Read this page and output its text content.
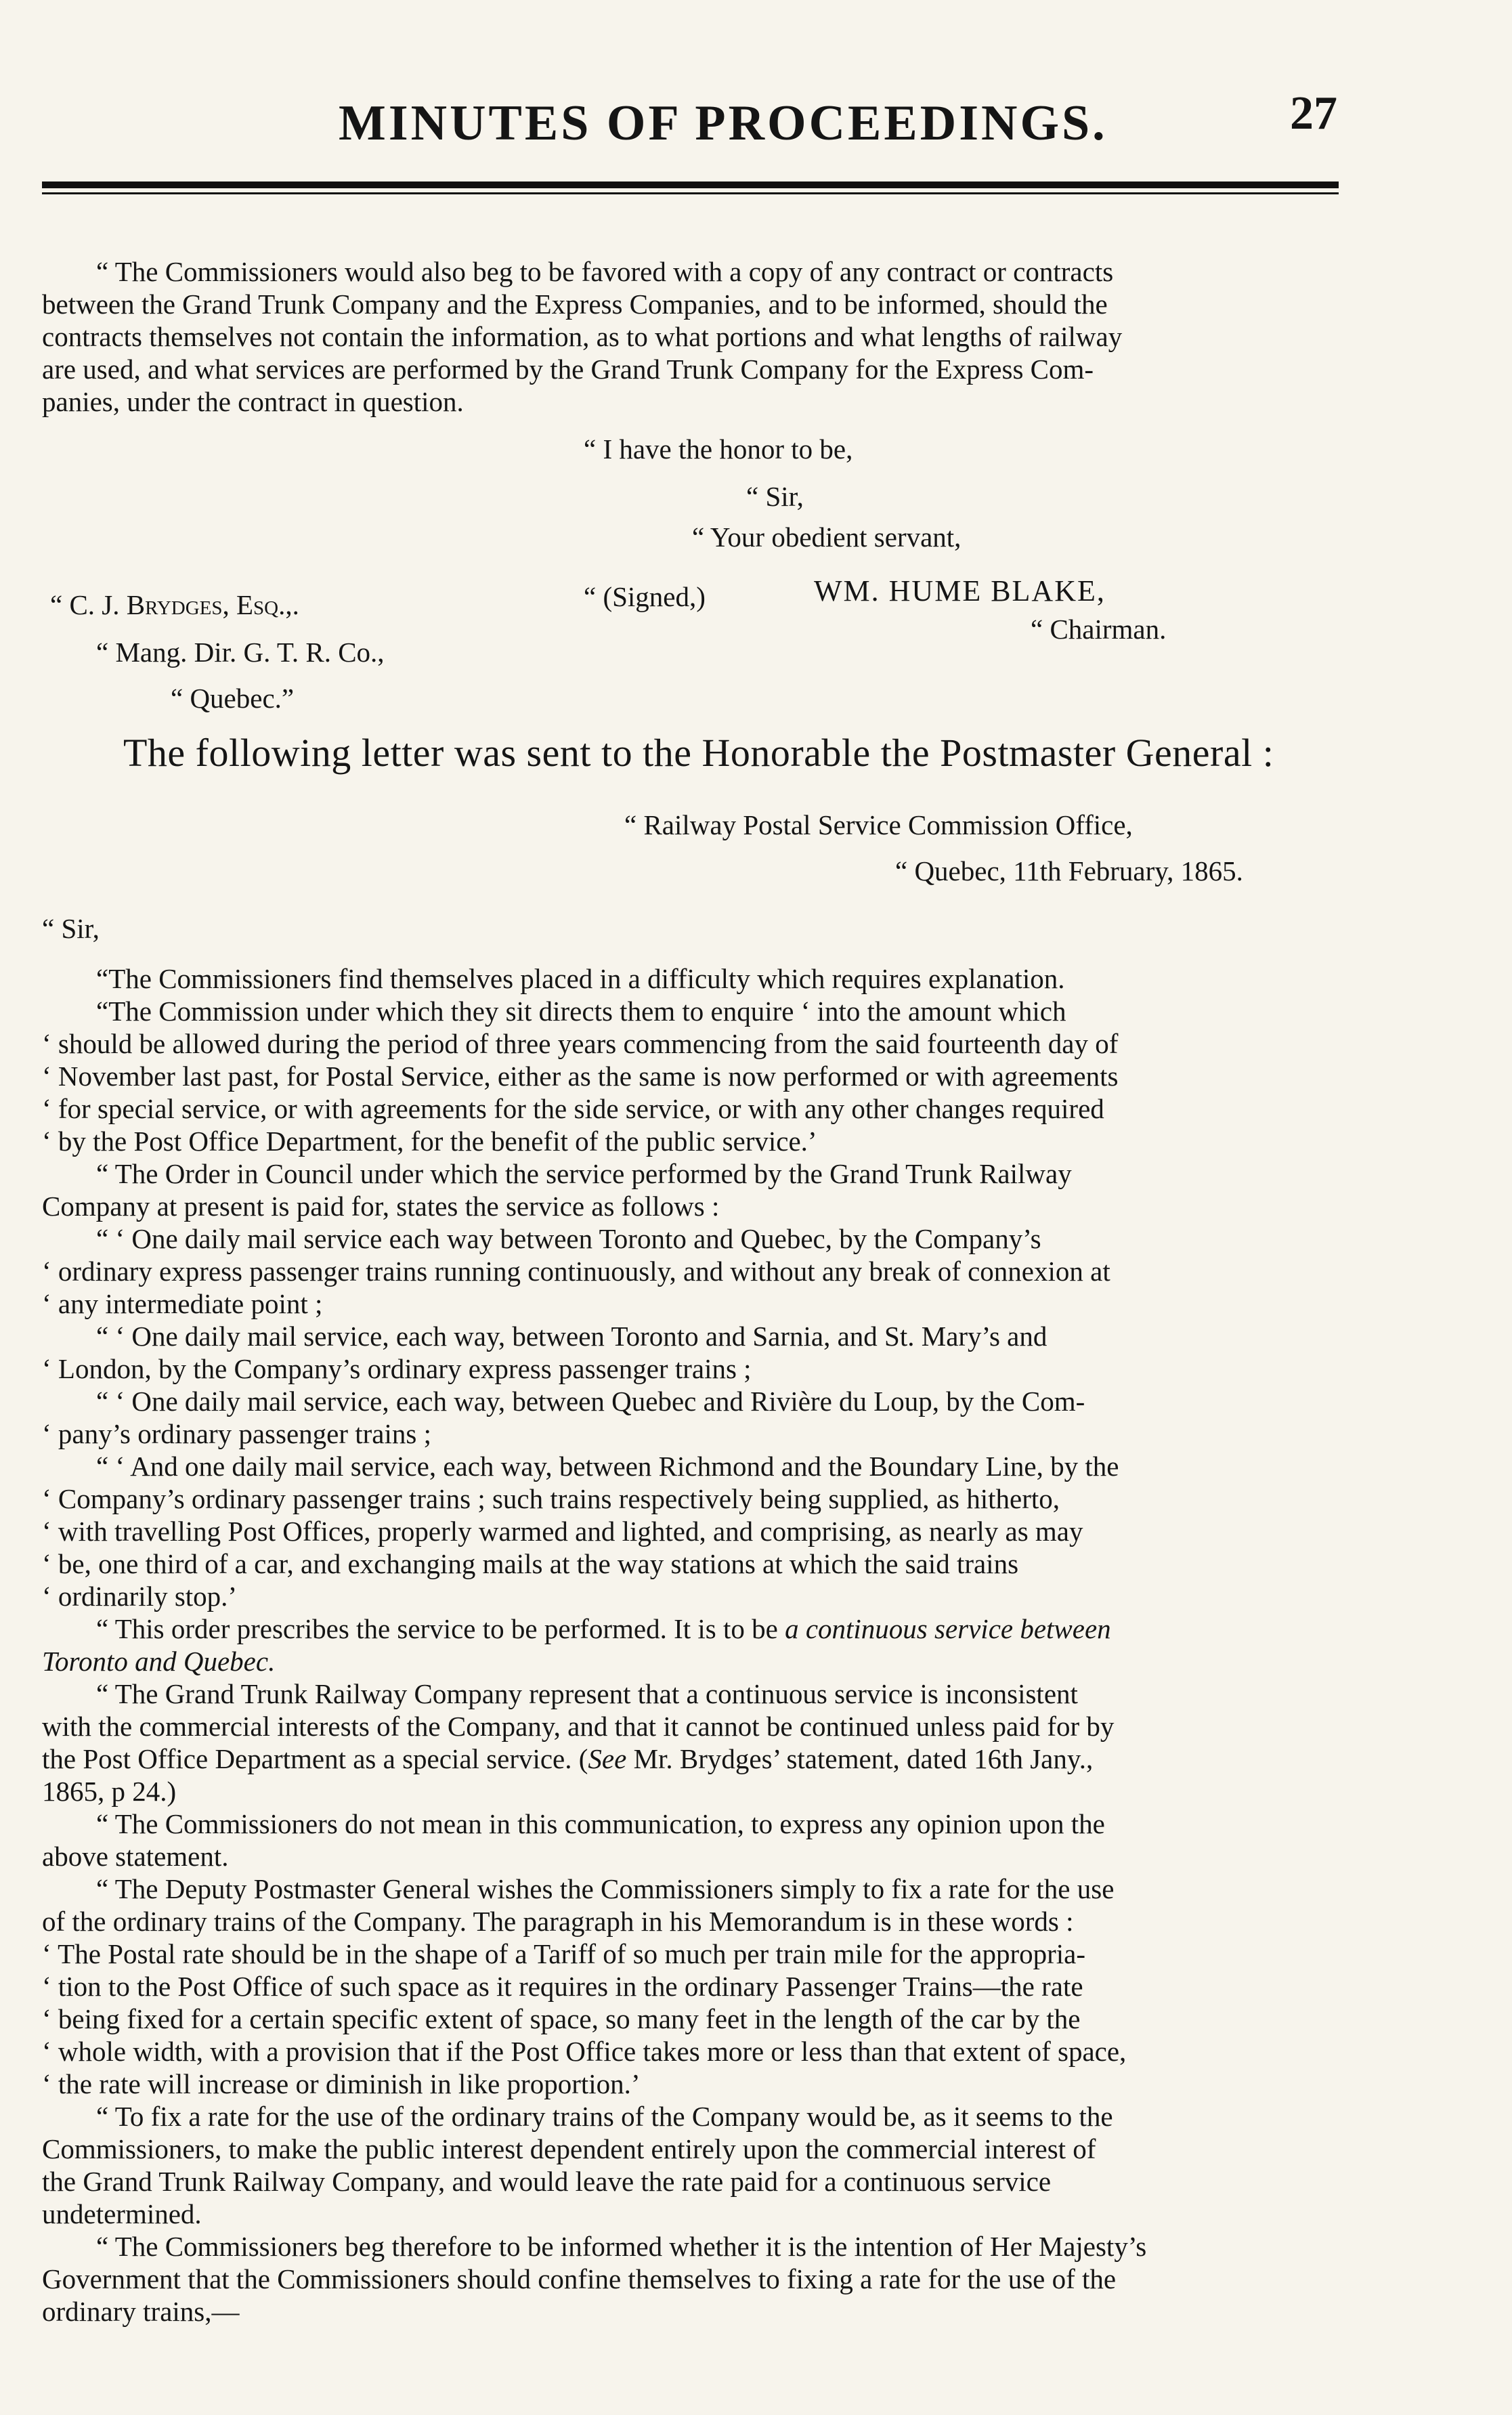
MINUTES OF PROCEEDINGS.	27
“ The Commissioners would also beg to be favored with a copy of any contract or contracts
between the Grand Trunk Company and the Express Companies, and to be informed, should the
contracts themselves not contain the information, as to what portions and what lengths of railway
are used, and what services are performed by the Grand Trunk Company for the Express Com-
panies, under the contract in question.
“ I have the honor to be,
“ Sir,
“ Your obedient servant,
“ C. J. Brydges, Esq.,.	“ (Signed,)	WM. HUME BLAKE,
“ Mang. Dir. G. T. R. Co.,
“ Chairman.
“ Quebec.”
The following letter was sent to the Honorable the Postmaster General :
“ Railway Postal Service Commission Office,
“ Quebec, 11th February, 1865.
“ Sir,
“The Commissioners find themselves placed in a difficulty which requires explanation.
“The Commission under which they sit directs them to enquire ‘ into the amount which
‘ should be allowed during the period of three years commencing from the said fourteenth day of
‘ November last past, for Postal Service, either as the same is now performed or with agreements
‘ for special service, or with agreements for the side service, or with any other changes required
‘ by the Post Office Department, for the benefit of the public service.’
“ The Order in Council under which the service performed by the Grand Trunk Railway
Company at present is paid for, states the service as follows :
“ ‘ One daily mail service each way between Toronto and Quebec, by the Company’s
‘ ordinary express passenger trains running continuously, and without any break of connexion at
‘ any intermediate point ;
“ ‘ One daily mail service, each way, between Toronto and Sarnia, and St. Mary’s and
‘ London, by the Company’s ordinary express passenger trains ;
“ ‘ One daily mail service, each way, between Quebec and Rivière du Loup, by the Com-
‘ pany’s ordinary passenger trains ;
“ ‘ And one daily mail service, each way, between Richmond and the Boundary Line, by the
‘ Company’s ordinary passenger trains ; such trains respectively being supplied, as hitherto,
‘ with travelling Post Offices, properly warmed and lighted, and comprising, as nearly as may
‘ be, one third of a car, and exchanging mails at the way stations at which the said trains
‘ ordinarily stop.’
“ This order prescribes the service to be performed. It is to be a continuous service between
Toronto and Quebec.
“ The Grand Trunk Railway Company represent that a continuous service is inconsistent
with the commercial interests of the Company, and that it cannot be continued unless paid for by
the Post Office Department as a special service. (See Mr. Brydges’ statement, dated 16th Jany.,
1865, p 24.)
“ The Commissioners do not mean in this communication, to express any opinion upon the
above statement.
“ The Deputy Postmaster General wishes the Commissioners simply to fix a rate for the use
of the ordinary trains of the Company. The paragraph in his Memorandum is in these words :
‘ The Postal rate should be in the shape of a Tariff of so much per train mile for the appropria-
‘ tion to the Post Office of such space as it requires in the ordinary Passenger Trains—the rate
‘ being fixed for a certain specific extent of space, so many feet in the length of the car by the
‘ whole width, with a provision that if the Post Office takes more or less than that extent of space,
‘ the rate will increase or diminish in like proportion.’
“ To fix a rate for the use of the ordinary trains of the Company would be, as it seems to the
Commissioners, to make the public interest dependent entirely upon the commercial interest of
the Grand Trunk Railway Company, and would leave the rate paid for a continuous service
undetermined.
“ The Commissioners beg therefore to be informed whether it is the intention of Her Majesty’s
Government that the Commissioners should confine themselves to fixing a rate for the use of the
ordinary trains,—
